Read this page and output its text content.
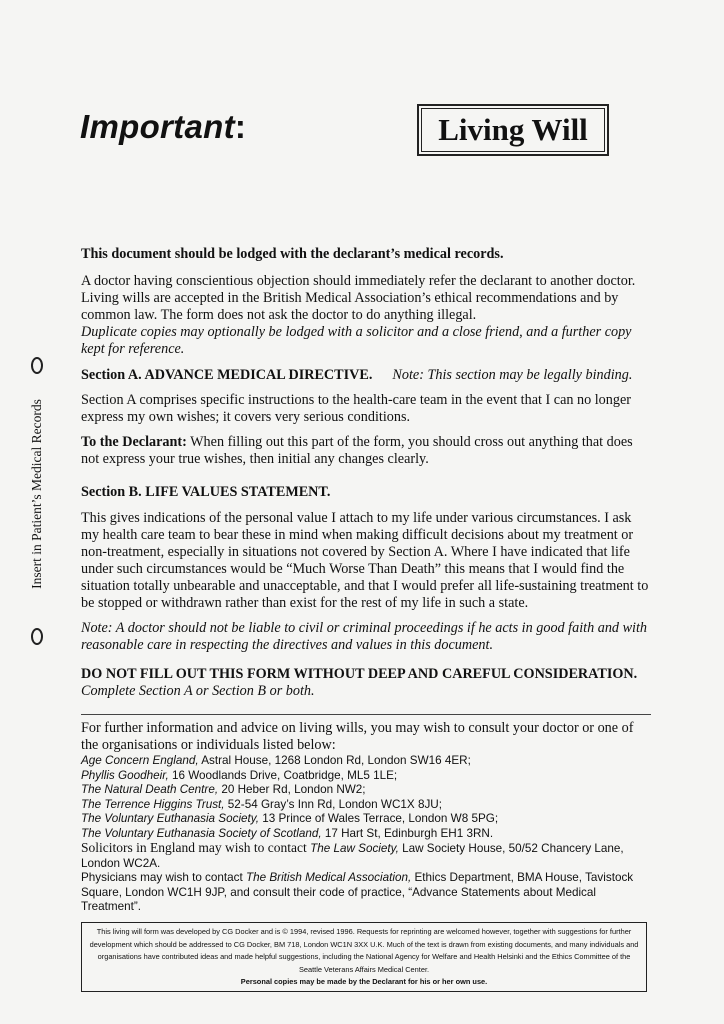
Important:	Living Will
Insert in Patient’s Medical Records

This document should be lodged with the declarant’s medical records.

A doctor having conscientious objection should immediately refer the declarant to another doctor. Living wills are accepted in the British Medical Association’s ethical recommendations and by common law. The form does not ask the doctor to do anything illegal.
Duplicate copies may optionally be lodged with a solicitor and a close friend, and a further copy kept for reference.

Section A. ADVANCE MEDICAL DIRECTIVE. Note: This section may be legally binding.

Section A comprises specific instructions to the health-care team in the event that I can no longer express my own wishes; it covers very serious conditions.

To the Declarant: When filling out this part of the form, you should cross out anything that does not express your true wishes, then initial any changes clearly.

Section B. LIFE VALUES STATEMENT.

This gives indications of the personal value I attach to my life under various circumstances. I ask my health care team to bear these in mind when making difficult decisions about my treatment or non-treatment, especially in situations not covered by Section A. Where I have indicated that life under such circumstances would be “Much Worse Than Death” this means that I would find the situation totally unbearable and unacceptable, and that I would prefer all life-sustaining treatment to be stopped or withdrawn rather than exist for the rest of my life in such a state.

Note: A doctor should not be liable to civil or criminal proceedings if he acts in good faith and with reasonable care in respecting the directives and values in this document.

DO NOT FILL OUT THIS FORM WITHOUT DEEP AND CAREFUL CONSIDERATION.
Complete Section A or Section B or both.

For further information and advice on living wills, you may wish to consult your doctor or one of the organisations or individuals listed below:
Age Concern England, Astral House, 1268 London Rd, London SW16 4ER;
Phyllis Goodheir, 16 Woodlands Drive, Coatbridge, ML5 1LE;
The Natural Death Centre, 20 Heber Rd, London NW2;
The Terrence Higgins Trust, 52-54 Gray’s Inn Rd, London WC1X 8JU;
The Voluntary Euthanasia Society, 13 Prince of Wales Terrace, London W8 5PG;
The Voluntary Euthanasia Society of Scotland, 17 Hart St, Edinburgh EH1 3RN.
Solicitors in England may wish to contact The Law Society, Law Society House, 50/52 Chancery Lane, London WC2A.
Physicians may wish to contact The British Medical Association, Ethics Department, BMA House, Tavistock Square, London WC1H 9JP, and consult their code of practice, “Advance Statements about Medical Treatment”.
This living will form was developed by CG Docker and is © 1994, revised 1996. Requests for reprinting are welcomed however, together with suggestions for further development which should be addressed to CG Docker, BM 718, London WC1N 3XX U.K. Much of the text is drawn from existing documents, and many individuals and organisations have contributed ideas and made helpful suggestions, including the National Agency for Welfare and Health Helsinki and the Ethics Committee of the Seattle Veterans Affairs Medical Center.
Personal copies may be made by the Declarant for his or her own use.
